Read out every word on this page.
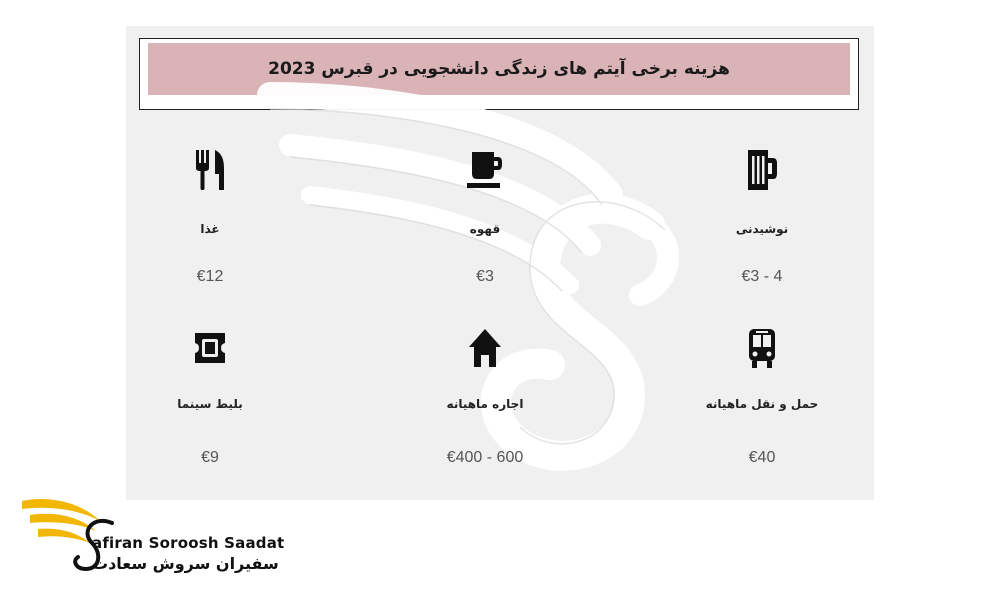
هزینه برخی آیتم های زندگی دانشجویی در قبرس 2023
غذا
€12
قهوه
€3
نوشیدنی
€3 - 4
بلیط سینما
€9
اجاره ماهیانه
€400 - 600
حمل و نقل ماهیانه
€40
afiran Soroosh Saadat
سفیران سروش سعادت
